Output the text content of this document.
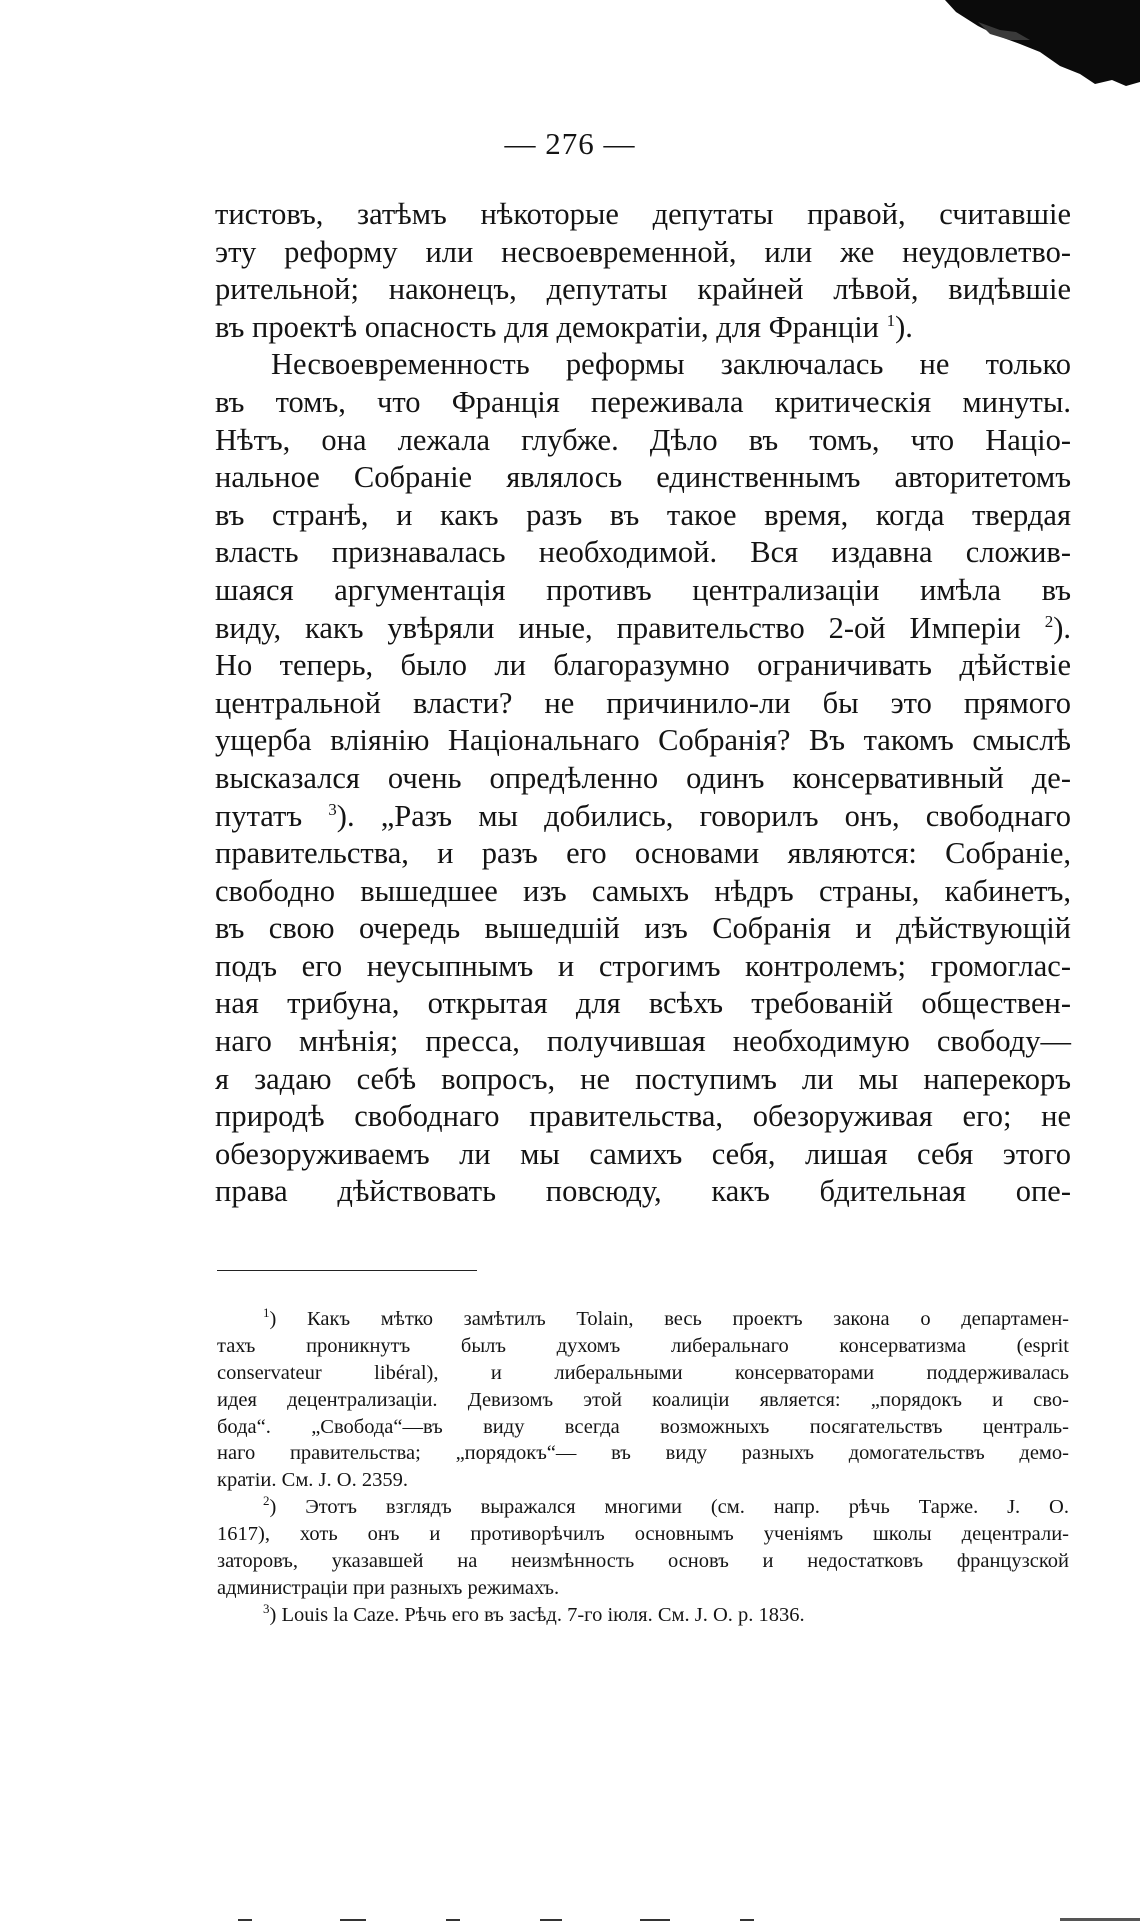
— 276 —
тистовъ, затѣмъ нѣкоторые депутаты правой, считавшіе
эту реформу или несвоевременной, или же неудовлетво-
рительной; наконецъ, депутаты крайней лѣвой, видѣвшіе
въ проектѣ опасность для демократіи, для Франціи $^1$).
Несвоевременность реформы заключалась не только
въ томъ, что Франція переживала критическія минуты.
Нѣтъ, она лежала глубже. Дѣло въ томъ, что Націо-
нальное Собраніе являлось единственнымъ авторитетомъ
въ странѣ, и какъ разъ въ такое время, когда твердая
власть признавалась необходимой. Вся издавна сложив-
шаяся аргументація противъ централизаціи имѣла въ
виду, какъ увѣряли иные, правительство 2-ой Имперіи $^2$).
Но теперь, было ли благоразумно ограничивать дѣйствіе
центральной власти? не причинило-ли бы это прямого
ущерба вліянію Національнаго Собранія? Въ такомъ смыслѣ
высказался очень опредѣленно одинъ консервативный де-
путатъ $^3$). „Разъ мы добились, говорилъ онъ, свободнаго
правительства, и разъ его основами являются: Собраніе,
свободно вышедшее изъ самыхъ нѣдръ страны, кабинетъ,
въ свою очередь вышедшій изъ Собранія и дѣйствующій
подъ его неусыпнымъ и строгимъ контролемъ; громоглас-
ная трибуна, открытая для всѣхъ требованій обществен-
наго мнѣнія; пресса, получившая необходимую свободу—
я задаю себѣ вопросъ, не поступимъ ли мы наперекоръ
природѣ свободнаго правительства, обезоруживая его; не
обезоруживаемъ ли мы самихъ себя, лишая себя этого
права дѣйствовать повсюду, какъ бдительная опе-
$^1$) Какъ мѣтко замѣтилъ Tolain, весь проектъ закона о департамен-
тахъ проникнутъ былъ духомъ либеральнаго консерватизма (esprit
conservateur libéral), и либеральными консерваторами поддерживалась
идея децентрализаціи. Девизомъ этой коалиціи является: „порядокъ и сво-
бода“. „Свобода“—въ виду всегда возможныхъ посягательствъ централь-
наго правительства; „порядокъ“— въ виду разныхъ домогательствъ демо-
кратіи. См. J. O. 2359.
$^2$) Этотъ взглядъ выражался многими (см. напр. рѣчь Тарже. J. O.
1617), хоть онъ и противорѣчилъ основнымъ ученіямъ школы децентрали-
заторовъ, указавшей на неизмѣнность основъ и недостатковъ французской
администраціи при разныхъ режимахъ.
$^3$) Louis la Caze. Рѣчь его въ засѣд. 7-го іюля. См. J. O. p. 1836.
